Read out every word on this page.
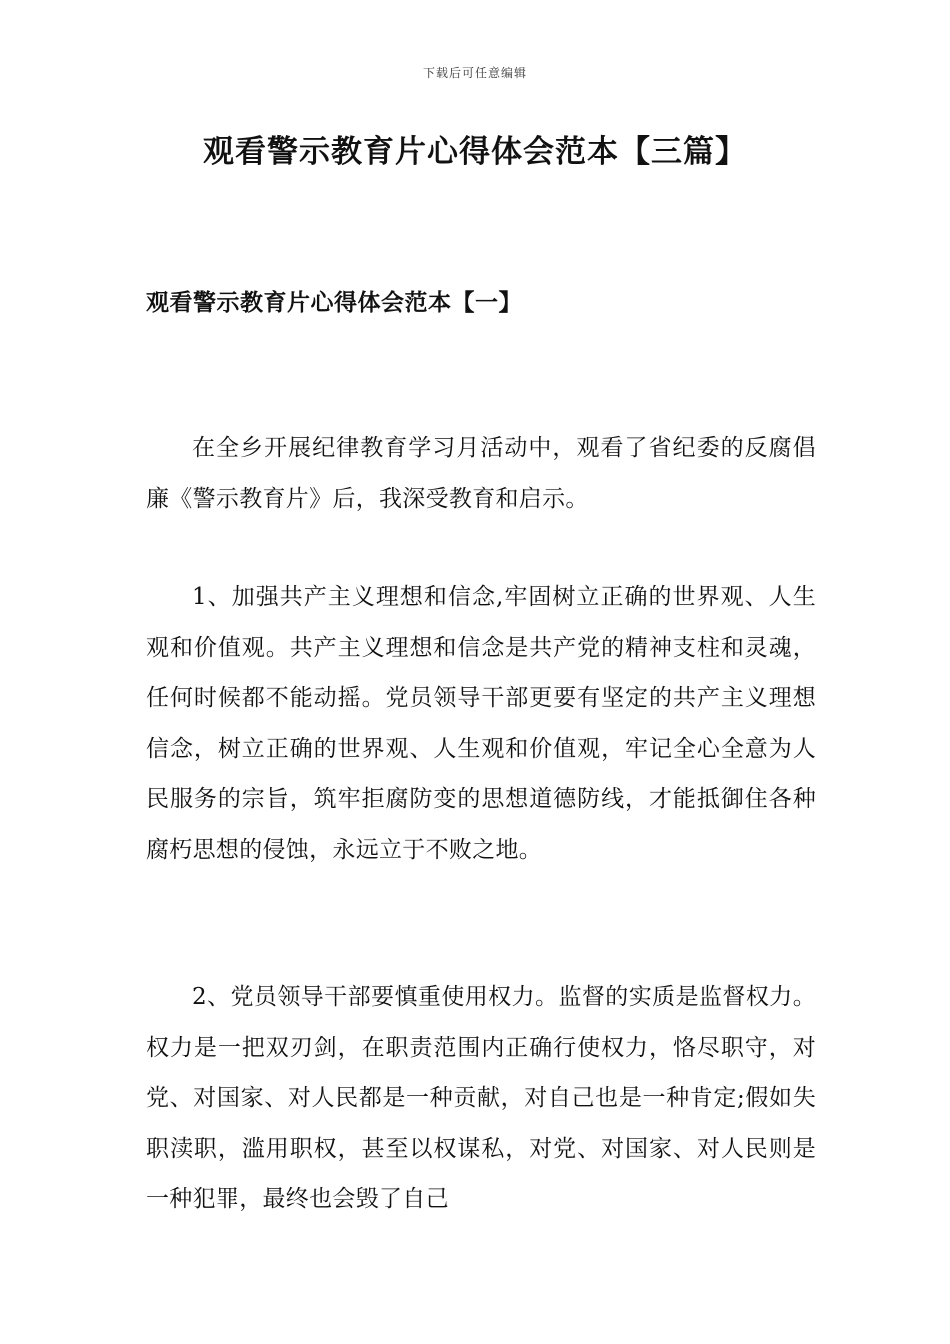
下载后可任意编辑
观看警示教育片心得体会范本【三篇】
观看警示教育片心得体会范本【一】

在全乡开展纪律教育学习月活动中，观看了省纪委的反腐倡廉《警示教育片》后，我深受教育和启示。

1、加强共产主义理想和信念,牢固树立正确的世界观、人生观和价值观。共产主义理想和信念是共产党的精神支柱和灵魂，任何时候都不能动摇。党员领导干部更要有坚定的共产主义理想信念，树立正确的世界观、人生观和价值观，牢记全心全意为人民服务的宗旨，筑牢拒腐防变的思想道德防线，才能抵御住各种腐朽思想的侵蚀，永远立于不败之地。

2、党员领导干部要慎重使用权力。监督的实质是监督权力。权力是一把双刃剑，在职责范围内正确行使权力，恪尽职守，对党、对国家、对人民都是一种贡献，对自己也是一种肯定;假如失职渎职，滥用职权，甚至以权谋私，对党、对国家、对人民则是一种犯罪，最终也会毁了自己
